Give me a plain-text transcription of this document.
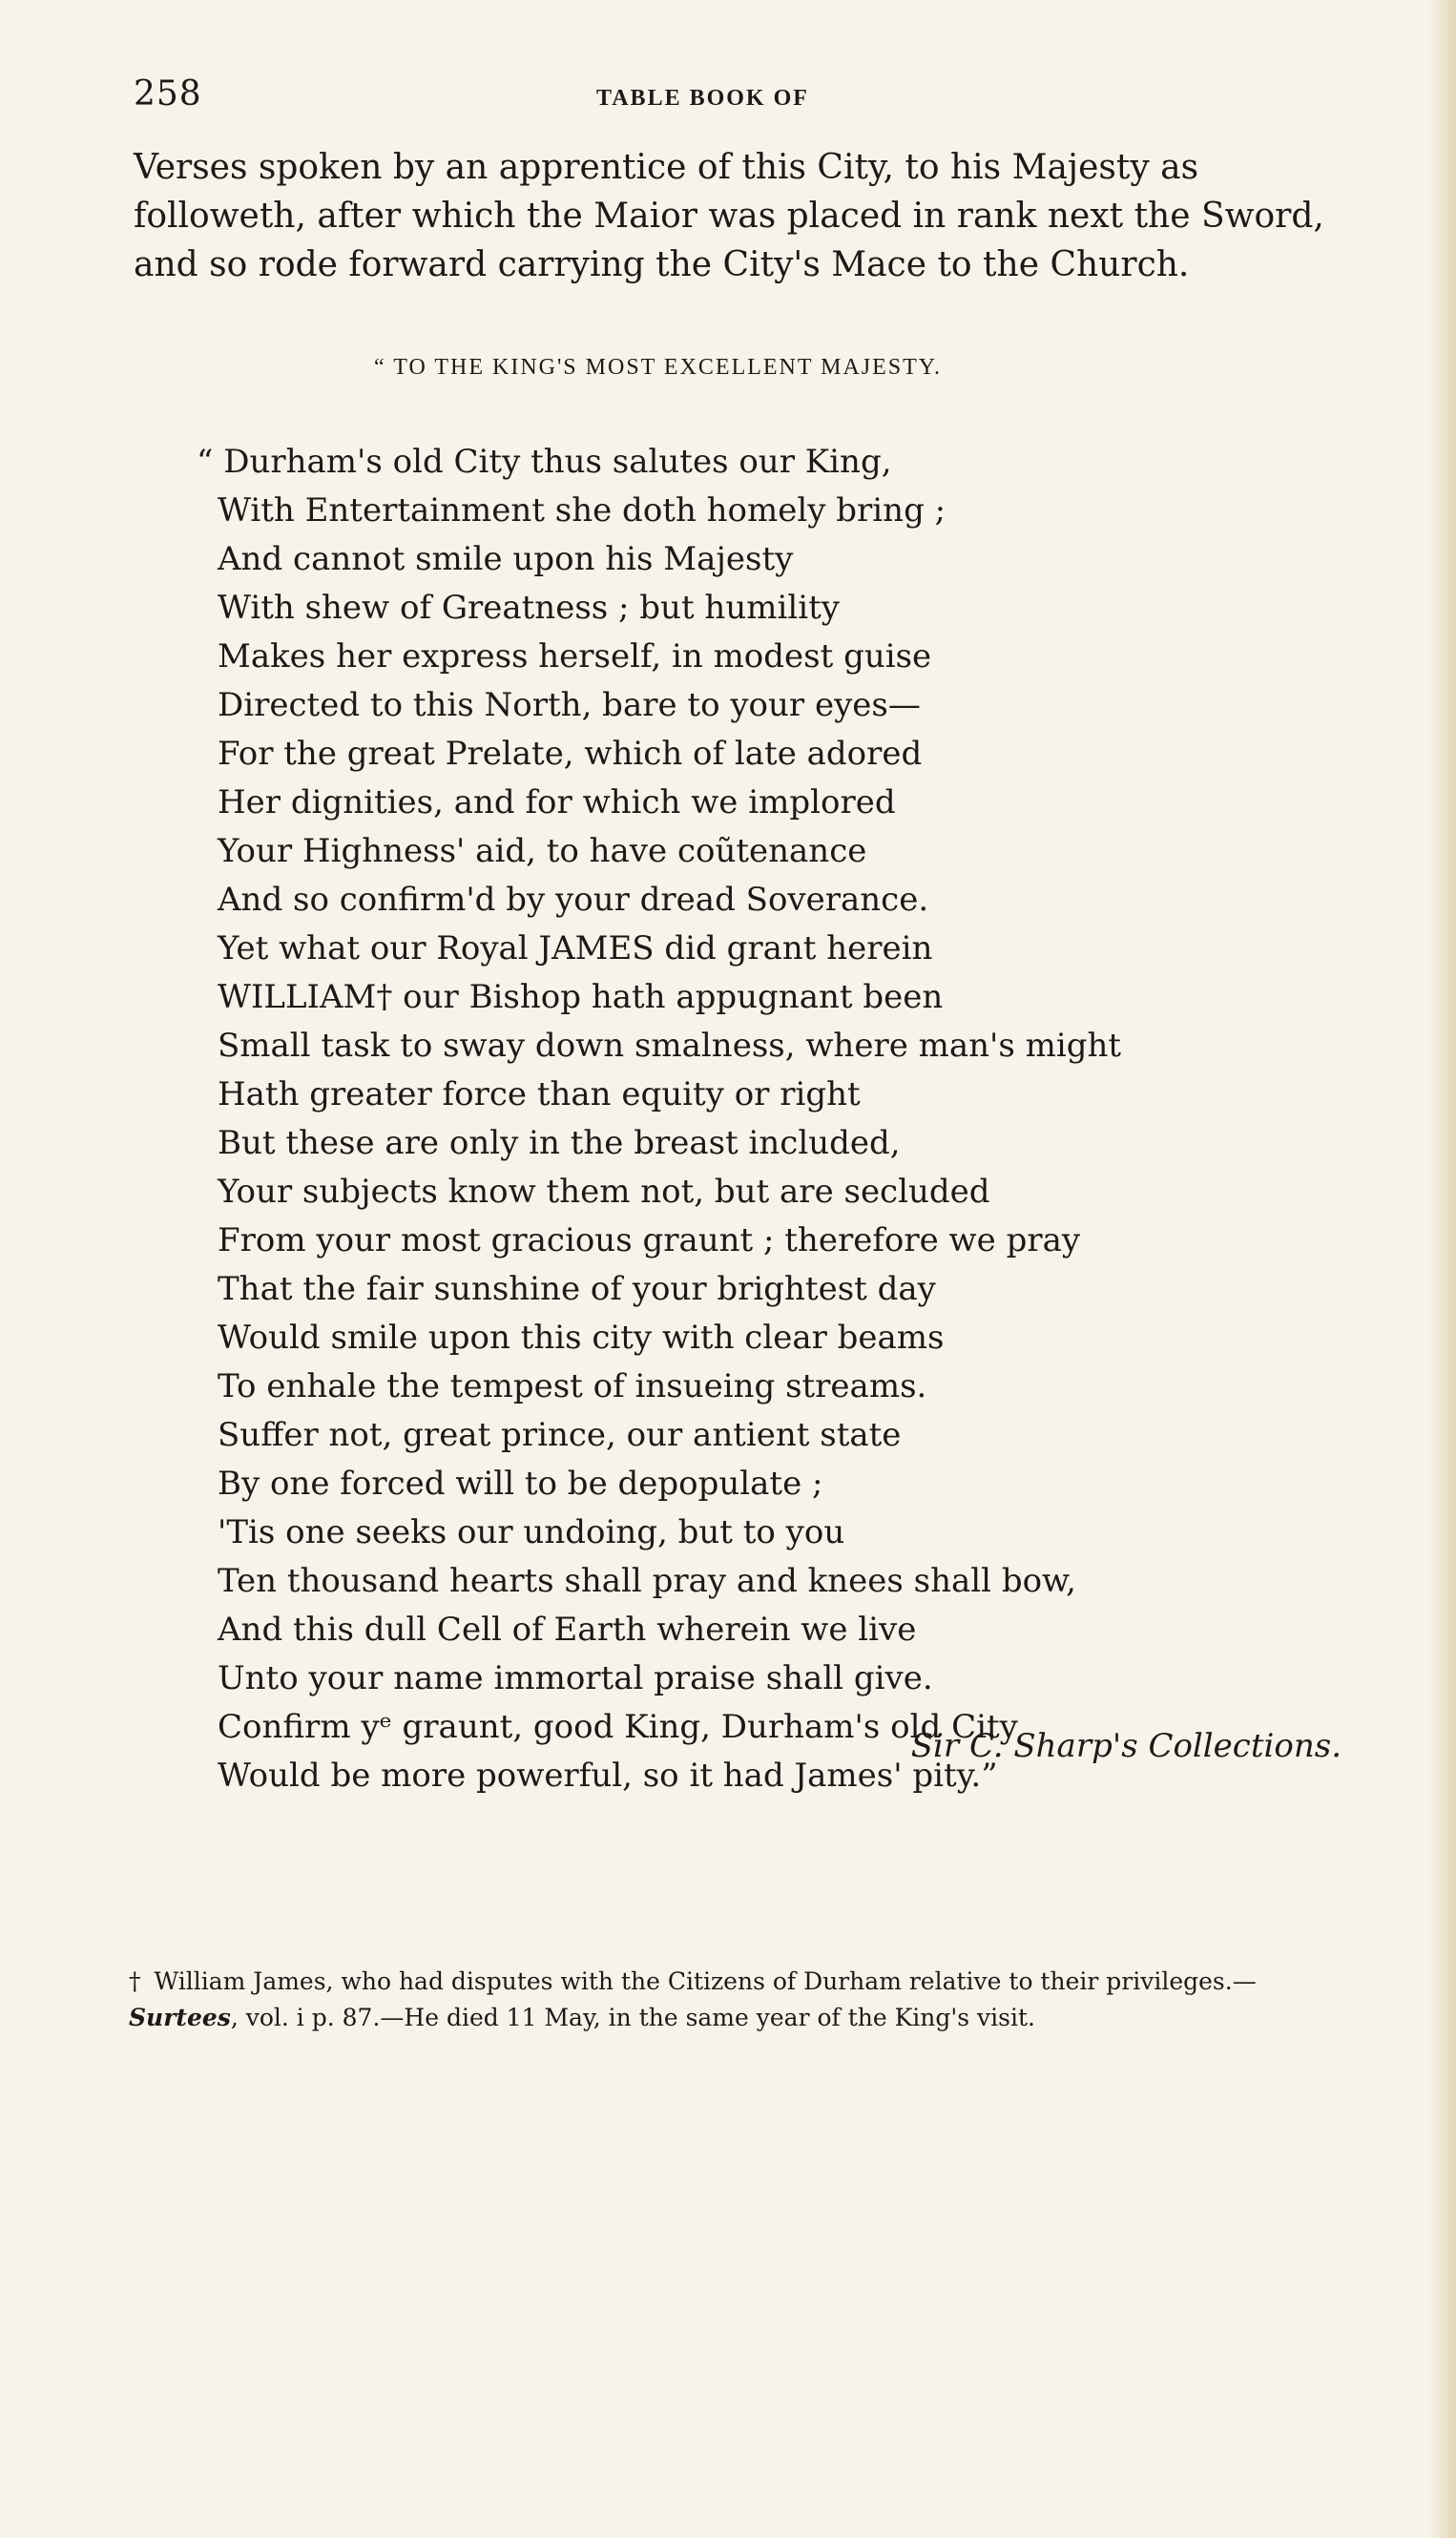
258	TABLE BOOK OF

Verses spoken by an apprentice of this City, to his Majesty as followeth, after which the Maior was placed in rank next the Sword, and so rode forward carrying the City's Mace to the Church.

“ TO THE KING'S MOST EXCELLENT MAJESTY.

“ Durham's old City thus salutes our King,
With Entertainment she doth homely bring ;
And cannot smile upon his Majesty
With shew of Greatness ; but humility
Makes her express herself, in modest guise
Directed to this North, bare to your eyes—
For the great Prelate, which of late adored
Her dignities, and for which we implored
Your Highness' aid, to have coũtenance
And so confirm'd by your dread Soverance.
Yet what our Royal JAMES did grant herein
WILLIAM† our Bishop hath appugnant been
Small task to sway down smalness, where man's might
Hath greater force than equity or right
But these are only in the breast included,
Your subjects know them not, but are secluded
From your most gracious graunt ; therefore we pray
That the fair sunshine of your brightest day
Would smile upon this city with clear beams
To enhale the tempest of insueing streams.
Suffer not, great prince, our antient state
By one forced will to be depopulate ;
'Tis one seeks our undoing, but to you
Ten thousand hearts shall pray and knees shall bow,
And this dull Cell of Earth wherein we live
Unto your name immortal praise shall give.
Confirm yᵉ graunt, good King, Durham's old City
Would be more powerful, so it had James' pity.”

Sir C. Sharp's Collections.

† William James, who had disputes with the Citizens of Durham relative to their privileges.—Surtees, vol. i p. 87.—He died 11 May, in the same year of the King's visit.
